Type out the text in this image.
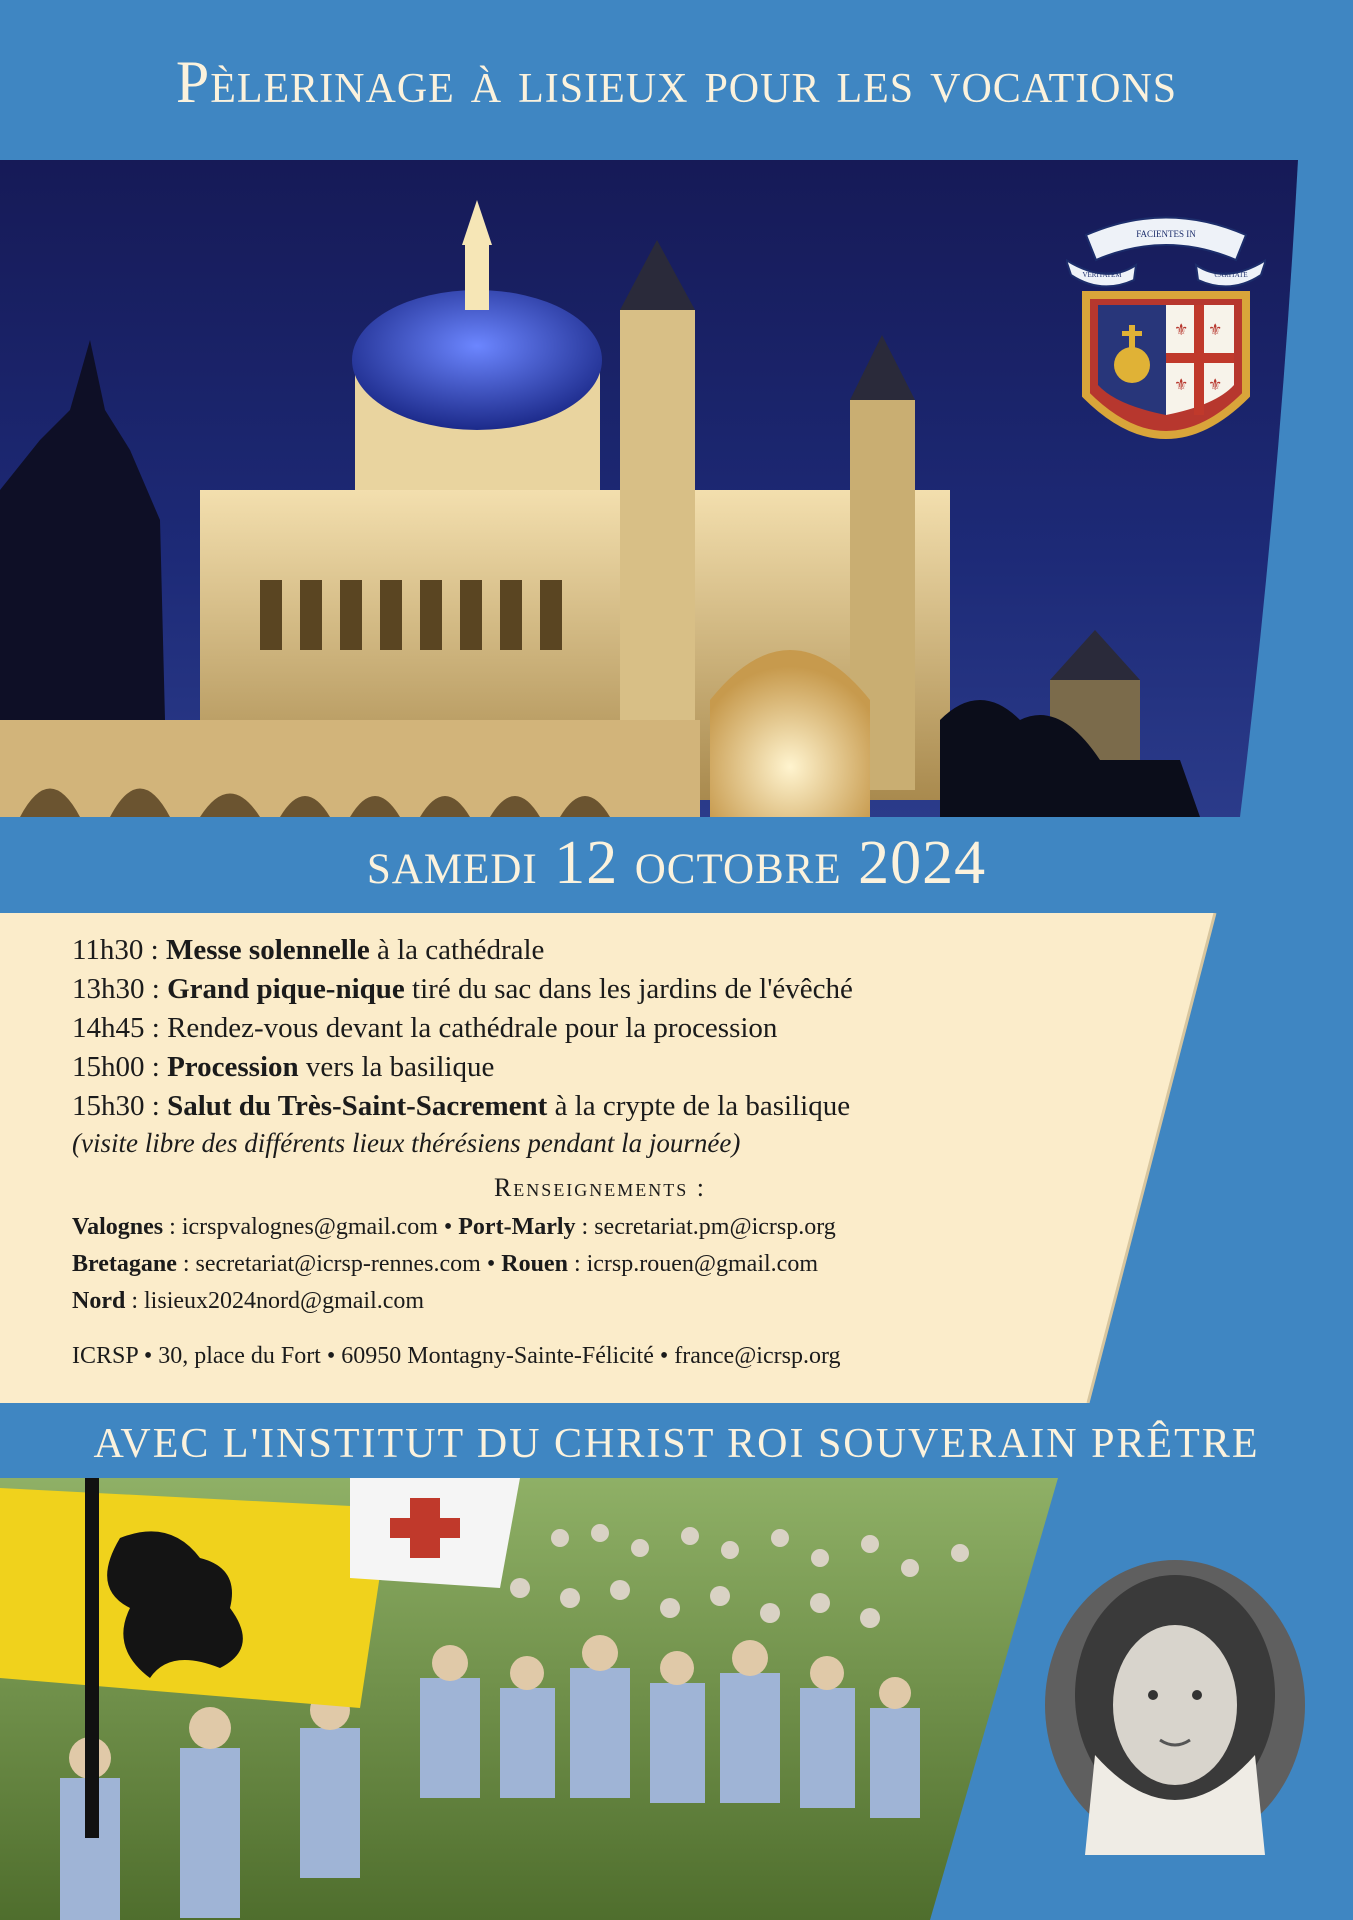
Pèlerinage à lisieux pour les vocations
FACIENTES IN
VERITATEM	CARITATE
⚜ ⚜
⚜ ⚜
samedi 12 octobre 2024
11h30 : Messe solennelle à la cathédrale
13h30 : Grand pique-nique tiré du sac dans les jardins de l'évêché
14h45 : Rendez-vous devant la cathédrale pour la procession
15h00 : Procession vers la basilique
15h30 : Salut du Très-Saint-Sacrement à la crypte de la basilique
(visite libre des différents lieux thérésiens pendant la journée)
Renseignements :
Valognes : icrspvalognes@gmail.com • Port-Marly : secretariat.pm@icrsp.org
Bretagane : secretariat@icrsp-rennes.com • Rouen : icrsp.rouen@gmail.com
Nord : lisieux2024nord@gmail.com
ICRSP • 30, place du Fort • 60950 Montagny-Sainte-Félicité • france@icrsp.org
AVEC L'INSTITUT DU CHRIST ROI SOUVERAIN PRÊTRE
